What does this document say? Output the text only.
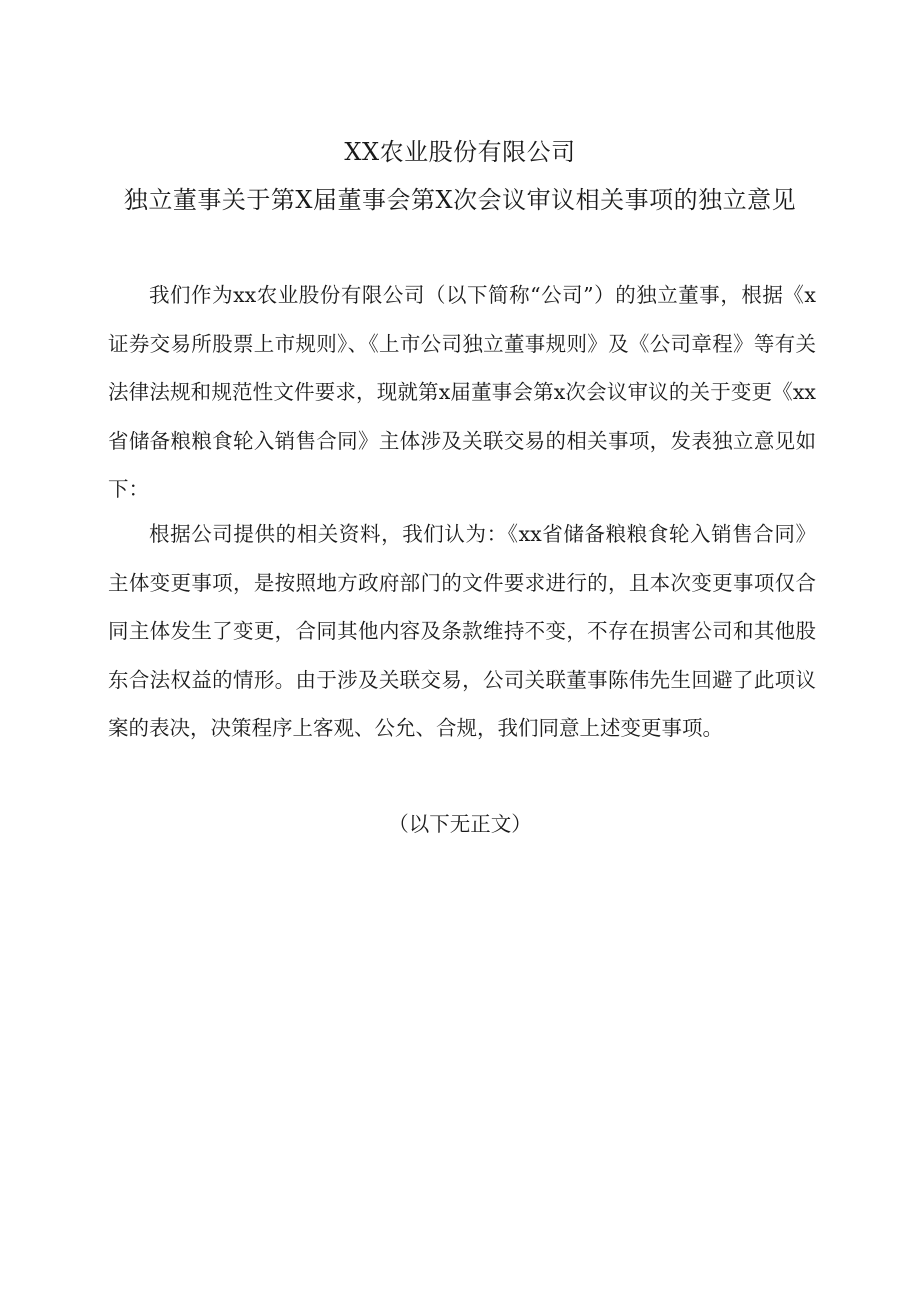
XX农业股份有限公司
独立董事关于第X届董事会第X次会议审议相关事项的独立意见

我们作为xx农业股份有限公司（以下简称“公司”）的独立董事，根据《x证券交易所股票上市规则》、《上市公司独立董事规则》及《公司章程》等有关法律法规和规范性文件要求，现就第x届董事会第x次会议审议的关于变更《xx省储备粮粮食轮入销售合同》主体涉及关联交易的相关事项，发表独立意见如下：

根据公司提供的相关资料，我们认为：《xx省储备粮粮食轮入销售合同》主体变更事项，是按照地方政府部门的文件要求进行的，且本次变更事项仅合同主体发生了变更，合同其他内容及条款维持不变，不存在损害公司和其他股东合法权益的情形。由于涉及关联交易，公司关联董事陈伟先生回避了此项议案的表决，决策程序上客观、公允、合规，我们同意上述变更事项。

（以下无正文）
